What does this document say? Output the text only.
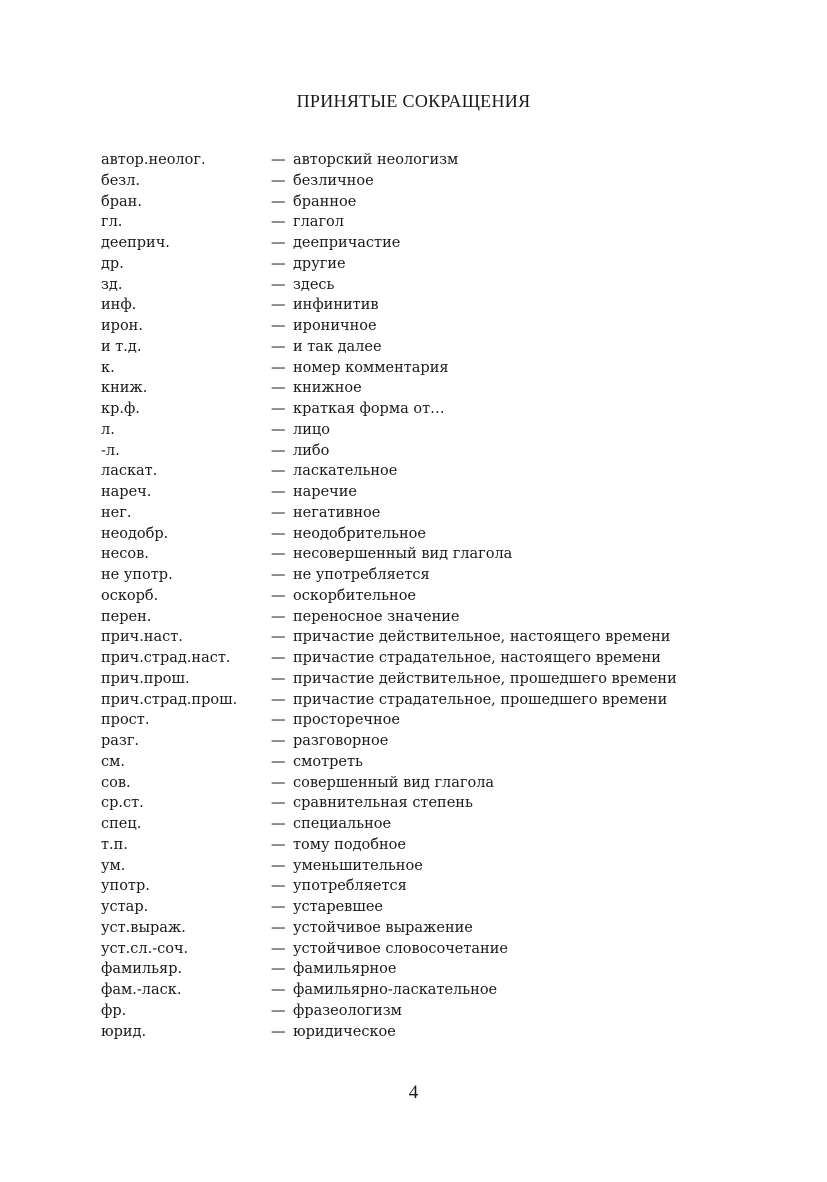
ПРИНЯТЫЕ СОКРАЩЕНИЯ
автор.неолог.	— авторский неологизм
безл.	— безличное
бран.	— бранное
гл.	— глагол
дееприч.	— деепричастие
др.	— другие
зд.	— здесь
инф.	— инфинитив
ирон.	— ироничное
и т.д.	— и так далее
к.	— номер комментария
книж.	— книжное
кр.ф.	— краткая форма от…
л.	— лицо
-л.	— либо
ласкат.	— ласкательное
нареч.	— наречие
нег.	— негативное
неодобр.	— неодобрительное
несов.	— несовершенный вид глагола
не употр.	— не употребляется
оскорб.	— оскорбительное
перен.	— переносное значение
прич.наст.	— причастие действительное, настоящего времени
прич.страд.наст.	— причастие страдательное, настоящего времени
прич.прош.	— причастие действительное, прошедшего времени
прич.страд.прош.	— причастие страдательное, прошедшего времени
прост.	— просторечное
разг.	— разговорное
см.	— смотреть
сов.	— совершенный вид глагола
ср.ст.	— сравнительная степень
спец.	— специальное
т.п.	— тому подобное
ум.	— уменьшительное
употр.	— употребляется
устар.	— устаревшее
уст.выраж.	— устойчивое выражение
уст.сл.-соч.	— устойчивое словосочетание
фамильяр.	— фамильярное
фам.-ласк.	— фамильярно-ласкательное
фр.	— фразеологизм
юрид.	— юридическое
4
